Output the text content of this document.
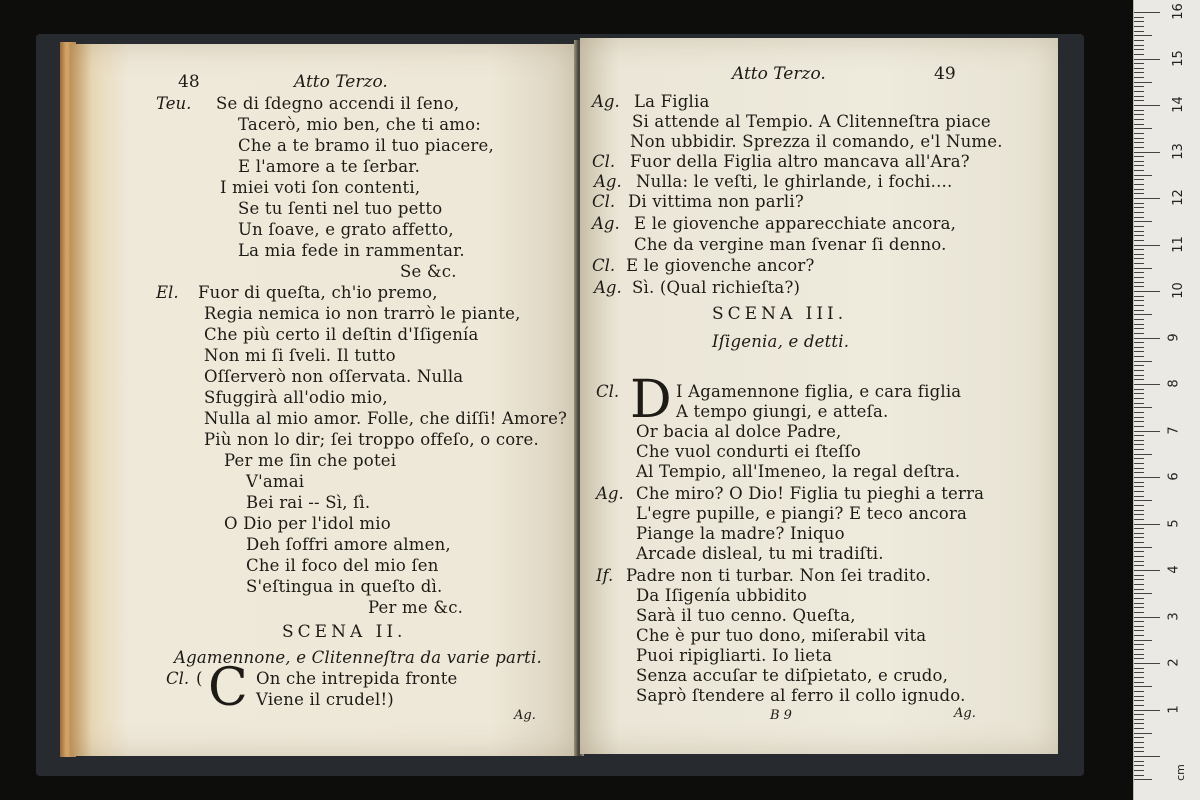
48	Atto Terzo.
Teu. Se di ſdegno accendi il ſeno,
Tacerò, mio ben, che ti amo:
Che a te bramo il tuo piacere,
E l'amore a te ſerbar.
I miei voti ſon contenti,
Se tu ſenti nel tuo petto
Un ſoave, e grato affetto,
La mia fede in rammentar.
Se &c.
El. Fuor di queſta, ch'io premo,
Regia nemica io non trarrò le piante,
Che più certo il deſtin d'Iſigenía
Non mi ſi ſveli. Il tutto
Oſſerverò non oſſervata. Nulla
Sfuggirà all'odio mio,
Nulla al mio amor. Folle, che diſſi! Amore?
Più non lo dir; ſei troppo offeſo, o core.
Per me ſin che potei
V'amai
Bei rai -- Sì, ſì.
O Dio per l'idol mio
Deh ſoffri amore almen,
Che il foco del mio ſen
S'eſtingua in queſto dì.
Per me &c.
SCENA II.
Agamennone, e Clitenneſtra da varie parti.
Cl. ( C On che intrepida fronte
Viene il crudel!)
Ag.
Atto Terzo.	49
Ag. La Figlia
Si attende al Tempio. A Clitenneſtra piace
Non ubbidir. Sprezza il comando, e'l Nume.
Cl. Fuor della Figlia altro mancava all'Ara?
Ag. Nulla: le veſti, le ghirlande, i fochi....
Cl. Di vittima non parli?
Ag. E le giovenche apparecchiate ancora,
Che da vergine man ſvenar ſi denno.
Cl. E le giovenche ancor?
Ag. Sì. (Qual richieſta?)
SCENA III.
Iſigenia, e detti.
Cl. D I Agamennone figlia, e cara figlia
A tempo giungi, e atteſa.
Or bacia al dolce Padre,
Che vuol condurti ei ſteſſo
Al Tempio, all'Imeneo, la regal deſtra.
Ag. Che miro? O Dio! Figlia tu pieghi a terra
L'egre pupille, e piangi? E teco ancora
Piange la madre? Iniquo
Arcade disleal, tu mi tradiſti.
If. Padre non ti turbar. Non ſei tradito.
Da Iſigenía ubbidito
Sarà il tuo cenno. Queſta,
Che è pur tuo dono, miſerabil vita
Puoi ripigliarti. Io lieta
Senza accuſar te diſpietato, e crudo,
Saprò ſtendere al ferro il collo ignudo.
B 9	Ag.
cm
16
15
14
13
12
11
10
9
8
7
6
5
4
3
2
1
